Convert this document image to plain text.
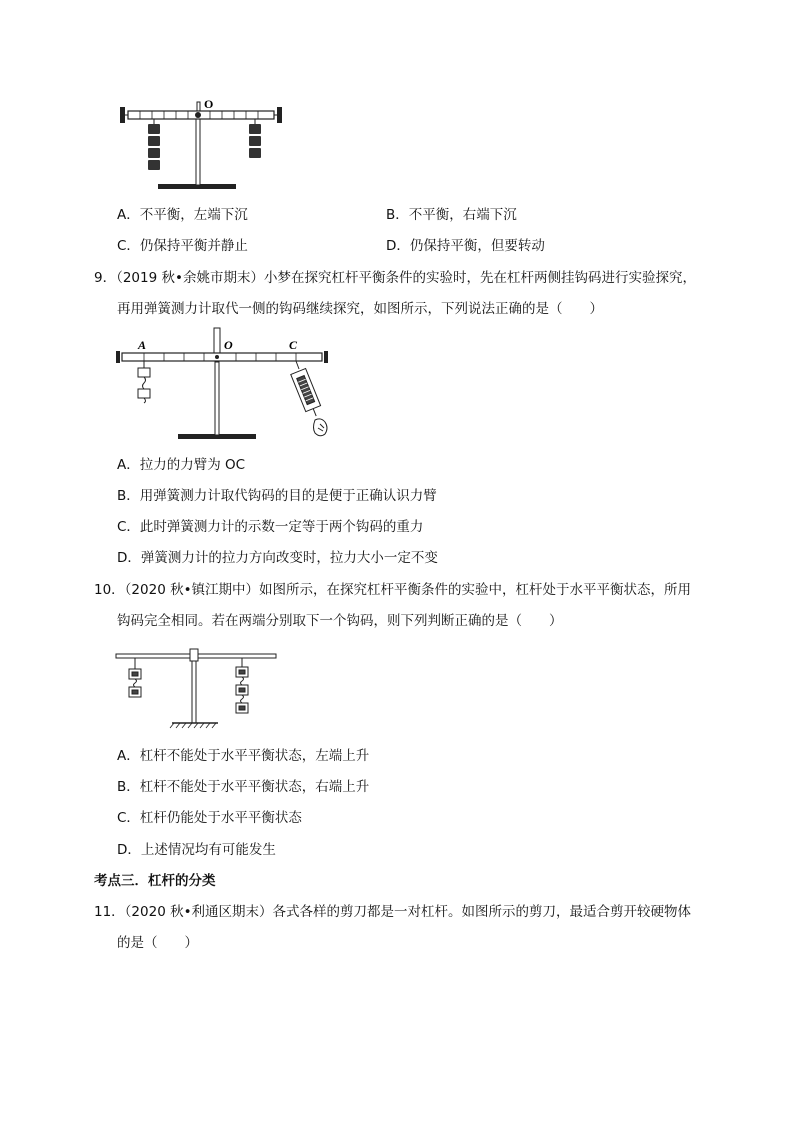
O
A．不平衡，左端下沉	B．不平衡，右端下沉
C．仍保持平衡并静止	D．仍保持平衡，但要转动
9．（2019 秋•余姚市期末）小梦在探究杠杆平衡条件的实验时，先在杠杆两侧挂钩码进行实验探究，
再用弹簧测力计取代一侧的钩码继续探究，如图所示，下列说法正确的是（　　）
A	O	C
A．拉力的力臂为 OC
B．用弹簧测力计取代钩码的目的是便于正确认识力臂
C．此时弹簧测力计的示数一定等于两个钩码的重力
D．弹簧测力计的拉力方向改变时，拉力大小一定不变
10．（2020 秋•镇江期中）如图所示，在探究杠杆平衡条件的实验中，杠杆处于水平平衡状态，所用
钩码完全相同。若在两端分别取下一个钩码，则下列判断正确的是（　　）
A．杠杆不能处于水平平衡状态，左端上升
B．杠杆不能处于水平平衡状态，右端上升
C．杠杆仍能处于水平平衡状态
D．上述情况均有可能发生
考点三．杠杆的分类
11．（2020 秋•利通区期末）各式各样的剪刀都是一对杠杆。如图所示的剪刀，最适合剪开较硬物体
的是（　　）
